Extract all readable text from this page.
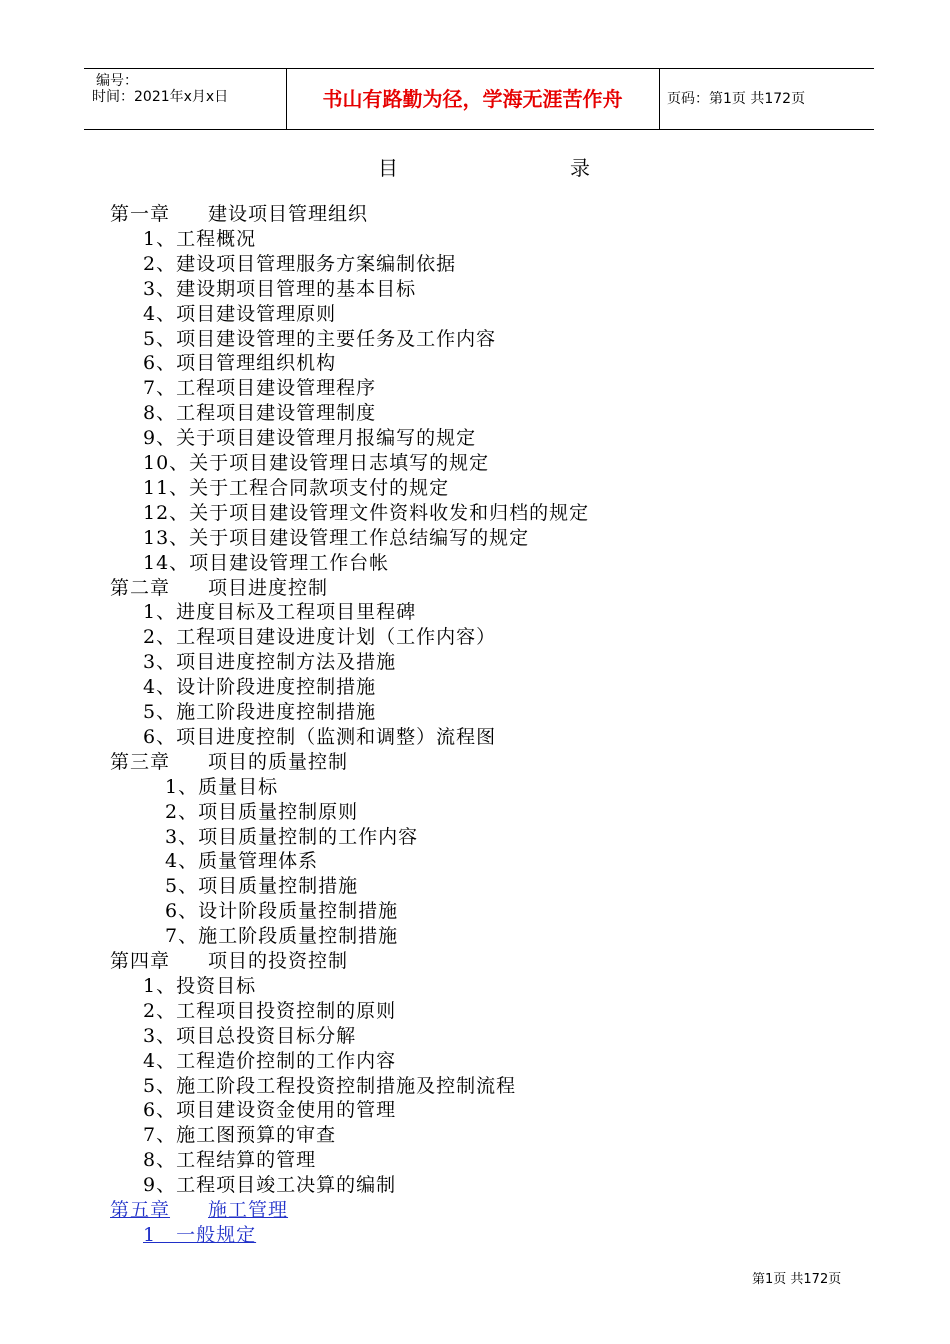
编号：
时间：2021年x月x日	书山有路勤为径，学海无涯苦作舟	页码：第1页 共172页
目	录
第一章 建设项目管理组织
1、工程概况
2、建设项目管理服务方案编制依据
3、建设期项目管理的基本目标
4、项目建设管理原则
5、项目建设管理的主要任务及工作内容
6、项目管理组织机构
7、工程项目建设管理程序
8、工程项目建设管理制度
9、关于项目建设管理月报编写的规定
10、关于项目建设管理日志填写的规定
11、关于工程合同款项支付的规定
12、关于项目建设管理文件资料收发和归档的规定
13、关于项目建设管理工作总结编写的规定
14、项目建设管理工作台帐
第二章 项目进度控制
1、进度目标及工程项目里程碑
2、工程项目建设进度计划（工作内容）
3、项目进度控制方法及措施
4、设计阶段进度控制措施
5、施工阶段进度控制措施
6、项目进度控制（监测和调整）流程图
第三章 项目的质量控制
1、质量目标
2、项目质量控制原则
3、项目质量控制的工作内容
4、质量管理体系
5、项目质量控制措施
6、设计阶段质量控制措施
7、施工阶段质量控制措施
第四章 项目的投资控制
1、投资目标
2、工程项目投资控制的原则
3、项目总投资目标分解
4、工程造价控制的工作内容
5、施工阶段工程投资控制措施及控制流程
6、项目建设资金使用的管理
7、施工图预算的审查
8、工程结算的管理
9、工程项目竣工决算的编制
第五章 施工管理
1　一般规定
第1页 共172页
